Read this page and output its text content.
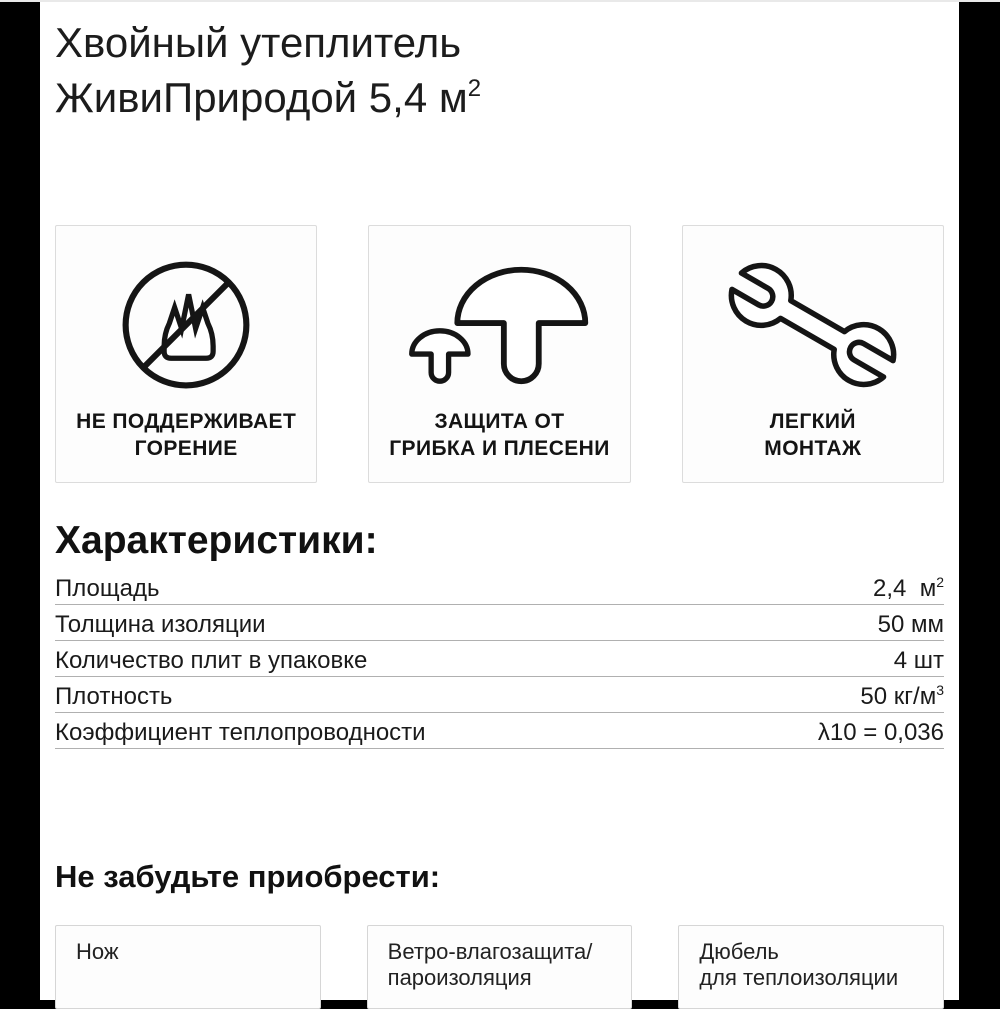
Хвойный утеплитель
ЖивиПриродой 5,4 $м^2$
НЕ ПОДДЕРЖИВАЕТ
ГОРЕНИЕ
ЗАЩИТА ОТ
ГРИБКА И ПЛЕСЕНИ
ЛЕГКИЙ
МОНТАЖ
Характеристики:
Площадь	2,4  $м^2$
Толщина изоляции	50 мм
Количество плит в упаковке	4 шт
Плотность	50 $кг/м^3$
Коэффициент теплопроводности	λ10 = 0,036
Не забудьте приобрести:
Нож	Ветро-влагозащита/
пароизоляция
Дюбель
для теплоизоляции
